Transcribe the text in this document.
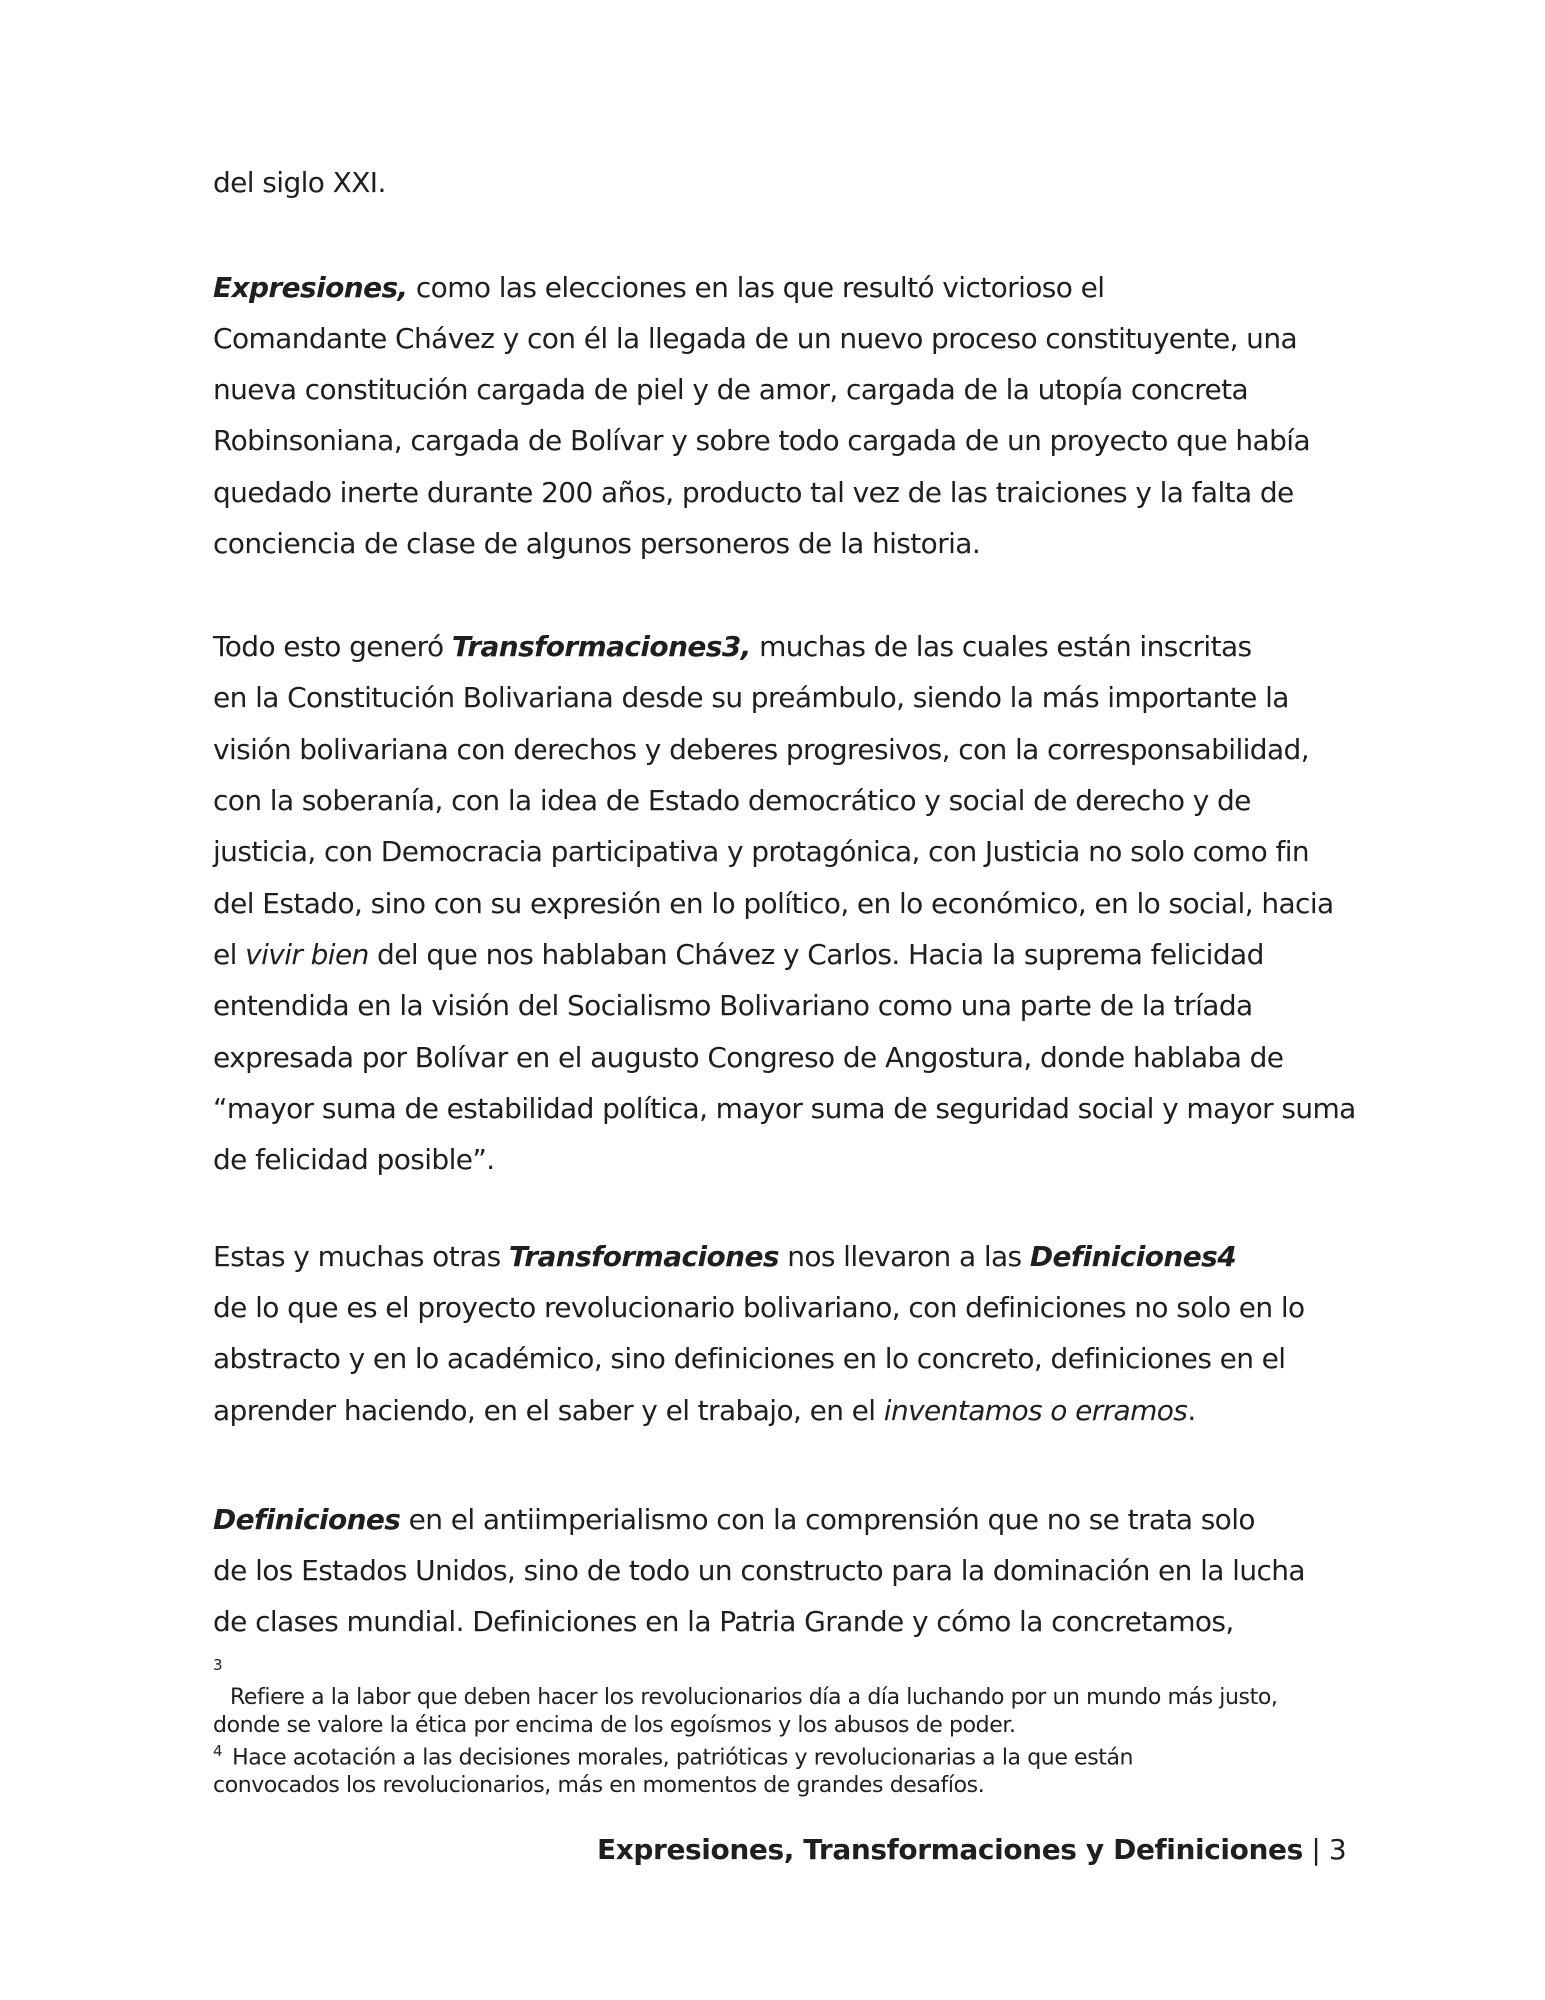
del siglo XXI.
Expresiones, como las elecciones en las que resultó victorioso el
Comandante Chávez y con él la llegada de un nuevo proceso constituyente, una
nueva constitución cargada de piel y de amor, cargada de la utopía concreta
Robinsoniana, cargada de Bolívar y sobre todo cargada de un proyecto que había
quedado inerte durante 200 años, producto tal vez de las traiciones y la falta de
conciencia de clase de algunos personeros de la historia.
Todo esto generó Transformaciones3, muchas de las cuales están inscritas
en la Constitución Bolivariana desde su preámbulo, siendo la más importante la
visión bolivariana con derechos y deberes progresivos, con la corresponsabilidad,
con la soberanía, con la idea de Estado democrático y social de derecho y de
justicia, con Democracia participativa y protagónica, con Justicia no solo como fin
del Estado, sino con su expresión en lo político, en lo económico, en lo social, hacia
el vivir bien del que nos hablaban Chávez y Carlos. Hacia la suprema felicidad
entendida en la visión del Socialismo Bolivariano como una parte de la tríada
expresada por Bolívar en el augusto Congreso de Angostura, donde hablaba de
“mayor suma de estabilidad política, mayor suma de seguridad social y mayor suma
de felicidad posible”.
Estas y muchas otras Transformaciones nos llevaron a las Definiciones4
de lo que es el proyecto revolucionario bolivariano, con definiciones no solo en lo
abstracto y en lo académico, sino definiciones en lo concreto, definiciones en el
aprender haciendo, en el saber y el trabajo, en el inventamos o erramos.
Definiciones en el antiimperialismo con la comprensión que no se trata solo
de los Estados Unidos, sino de todo un constructo para la dominación en la lucha
de clases mundial. Definiciones en la Patria Grande y cómo la concretamos,
3
Refiere a la labor que deben hacer los revolucionarios día a día luchando por un mundo más justo,
donde se valore la ética por encima de los egoísmos y los abusos de poder.
$^4$ Hace acotación a las decisiones morales, patrióticas y revolucionarias a la que están
convocados los revolucionarios, más en momentos de grandes desafíos.
Expresiones, Transformaciones y Definiciones | 3
